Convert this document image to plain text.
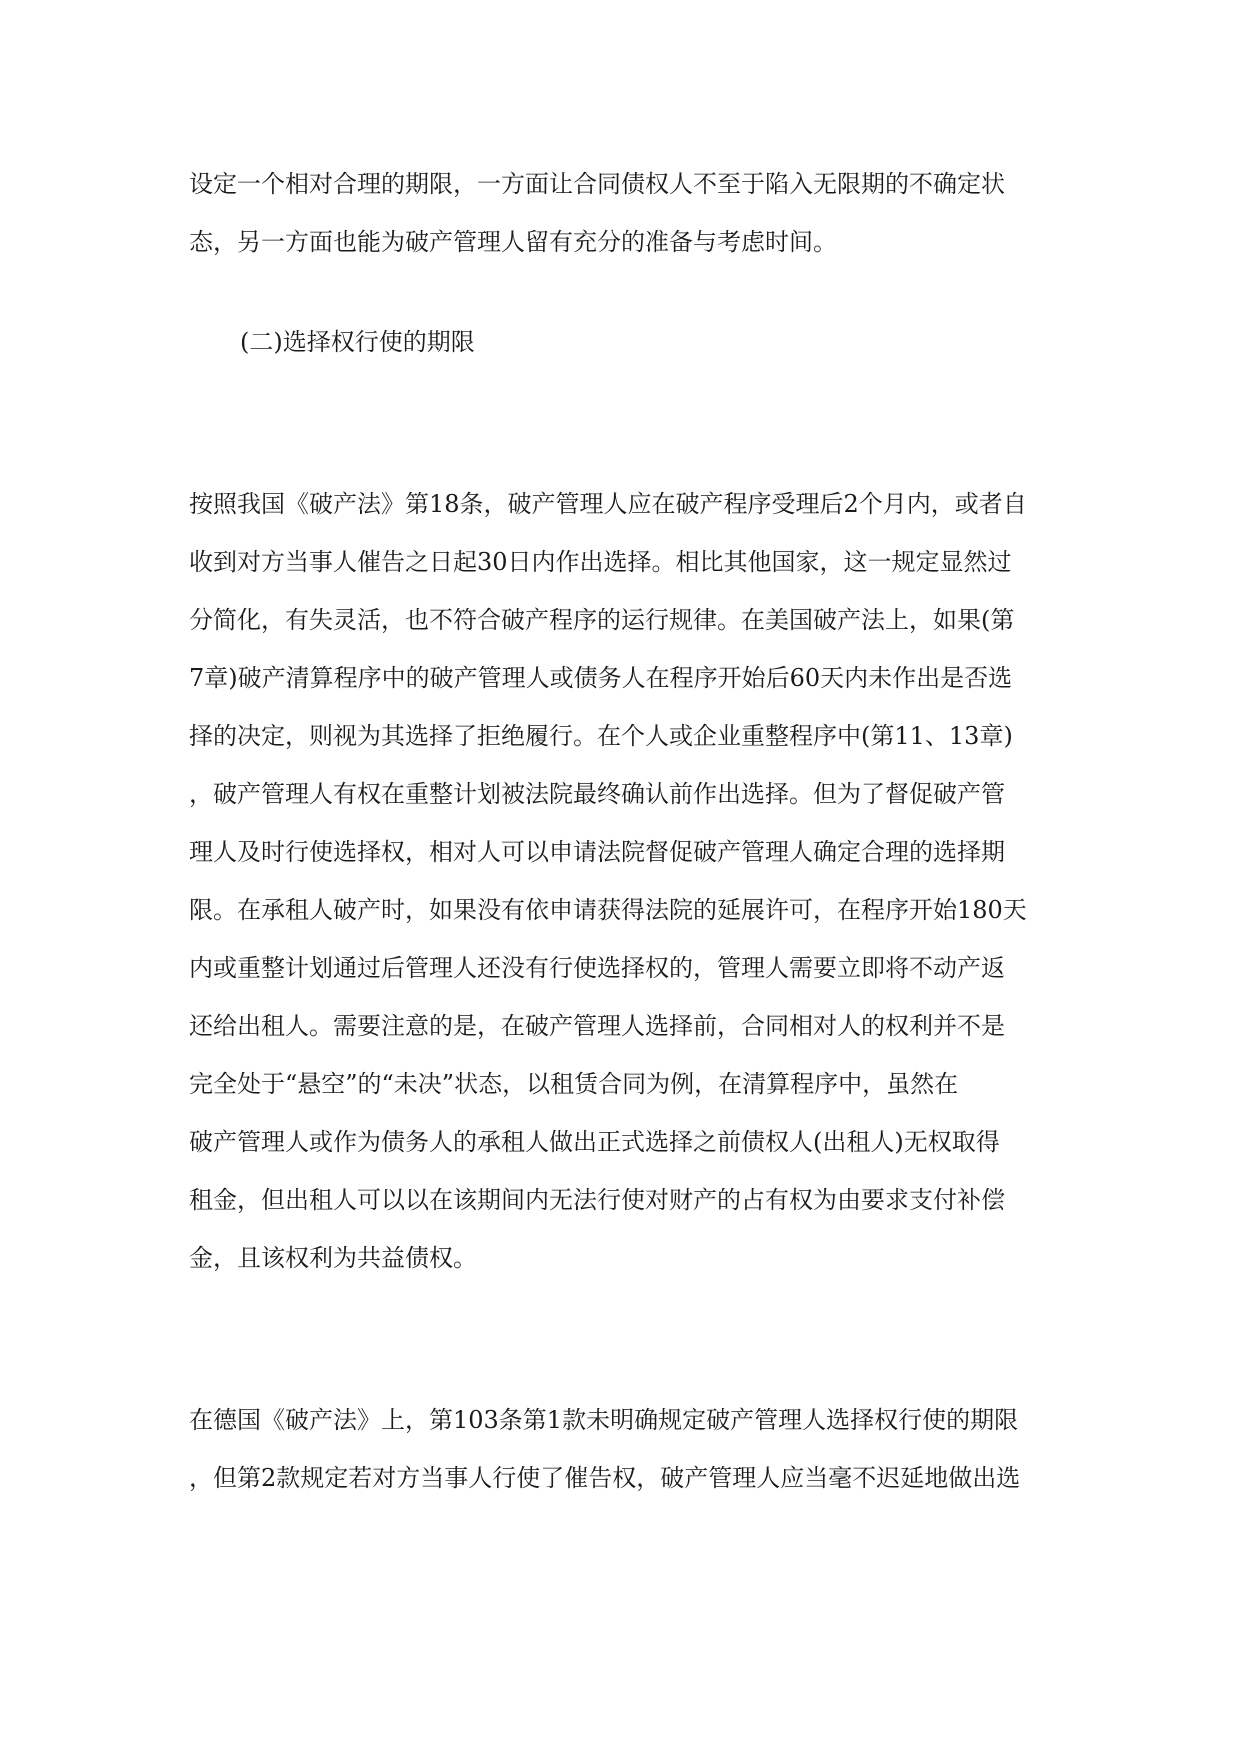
设定一个相对合理的期限，一方面让合同债权人不至于陷入无限期的不确定状
态，另一方面也能为破产管理人留有充分的准备与考虑时间。
(二)选择权行使的期限
按照我国《破产法》第18条，破产管理人应在破产程序受理后2个月内，或者自
收到对方当事人催告之日起30日内作出选择。相比其他国家，这一规定显然过
分简化，有失灵活，也不符合破产程序的运行规律。在美国破产法上，如果(第
7章)破产清算程序中的破产管理人或债务人在程序开始后60天内未作出是否选
择的决定，则视为其选择了拒绝履行。在个人或企业重整程序中(第11、13章)
，破产管理人有权在重整计划被法院最终确认前作出选择。但为了督促破产管
理人及时行使选择权，相对人可以申请法院督促破产管理人确定合理的选择期
限。在承租人破产时，如果没有依申请获得法院的延展许可，在程序开始180天
内或重整计划通过后管理人还没有行使选择权的，管理人需要立即将不动产返
还给出租人。需要注意的是，在破产管理人选择前，合同相对人的权利并不是
完全处于“悬空”的“未决”状态，以租赁合同为例，在清算程序中，虽然在
破产管理人或作为债务人的承租人做出正式选择之前债权人(出租人)无权取得
租金，但出租人可以以在该期间内无法行使对财产的占有权为由要求支付补偿
金，且该权利为共益债权。
在德国《破产法》上，第103条第1款未明确规定破产管理人选择权行使的期限
，但第2款规定若对方当事人行使了催告权，破产管理人应当毫不迟延地做出选
